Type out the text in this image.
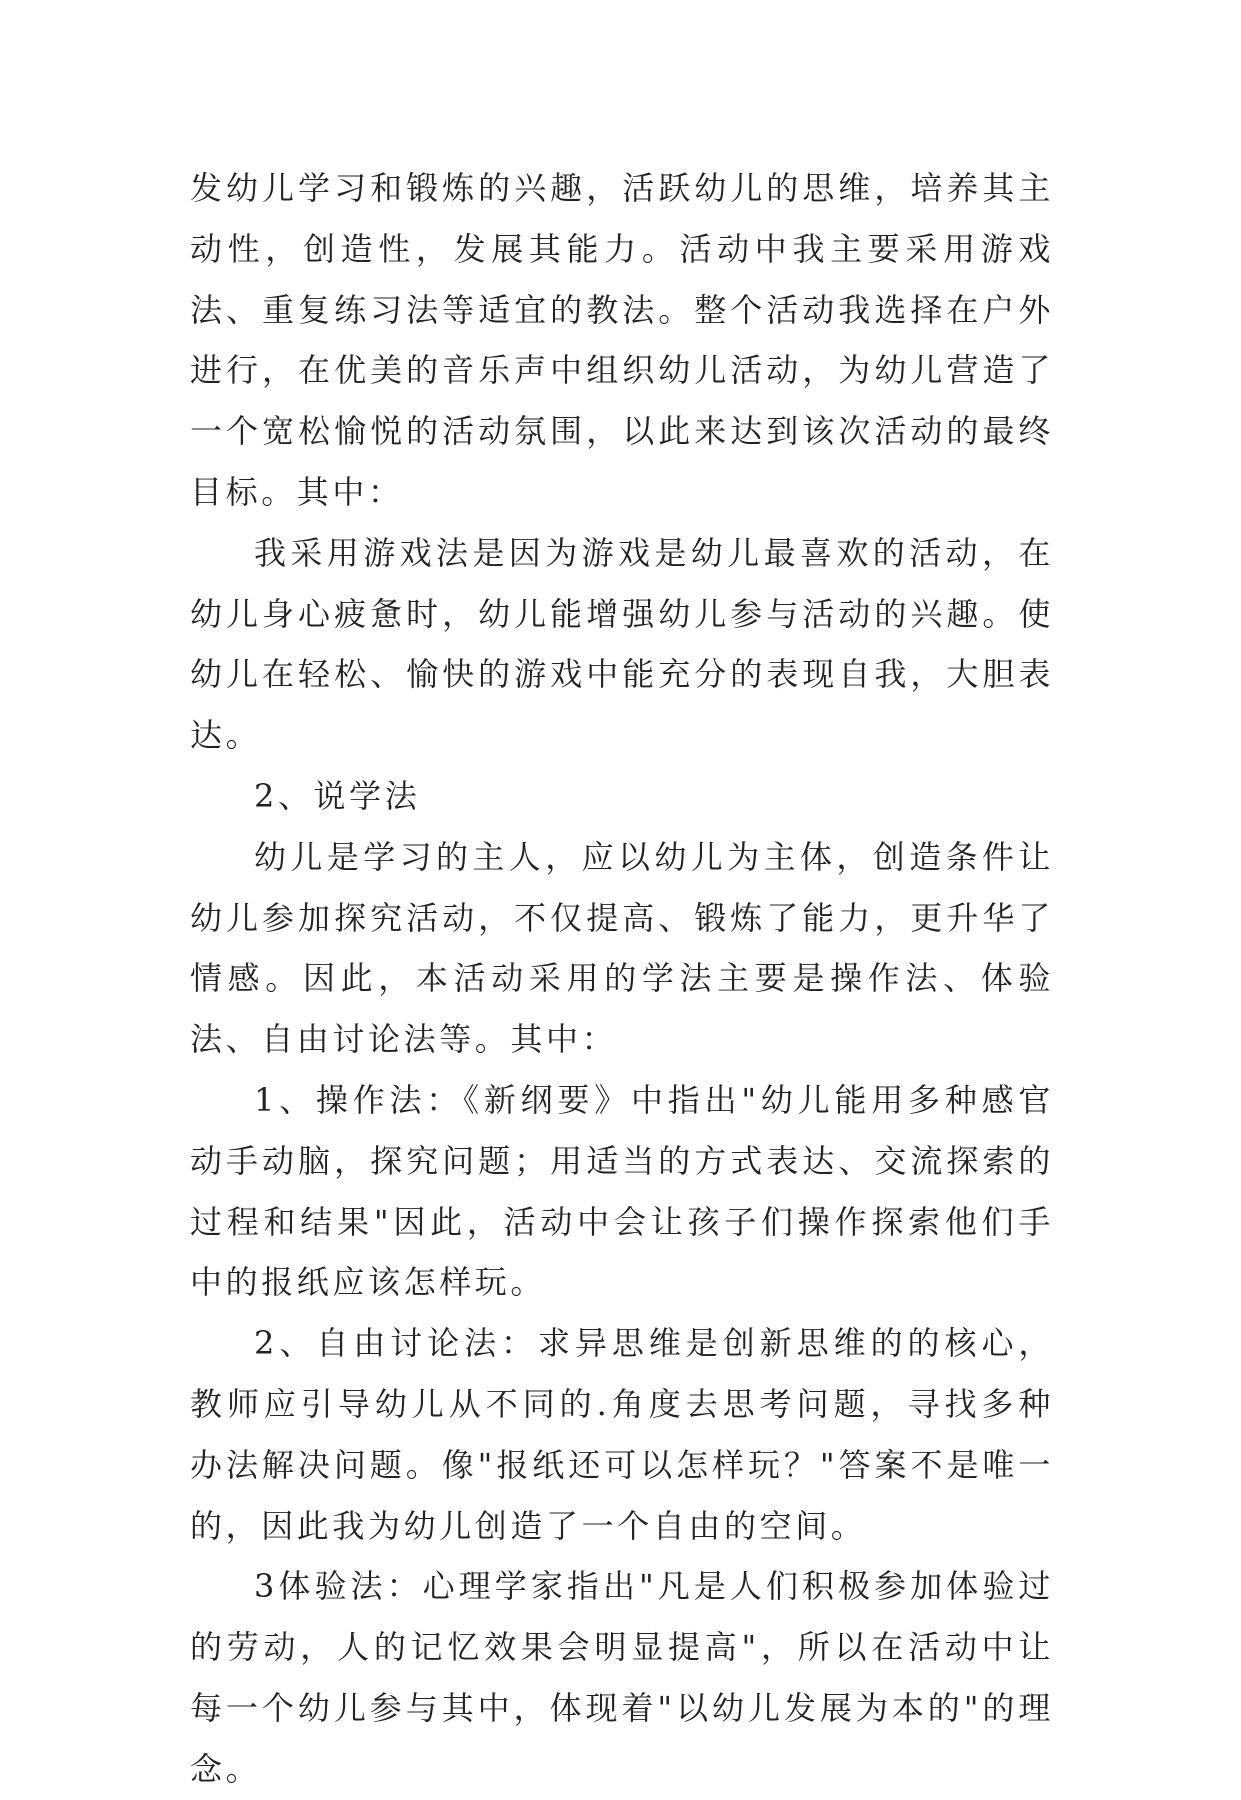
发幼儿学习和锻炼的兴趣，活跃幼儿的思维，培养其主动性，创造性，发展其能力。活动中我主要采用游戏法、重复练习法等适宜的教法。整个活动我选择在户外进行，在优美的音乐声中组织幼儿活动，为幼儿营造了一个宽松愉悦的活动氛围，以此来达到该次活动的最终目标。其中：

我采用游戏法是因为游戏是幼儿最喜欢的活动，在幼儿身心疲惫时，幼儿能增强幼儿参与活动的兴趣。使幼儿在轻松、愉快的游戏中能充分的表现自我，大胆表达。

2、说学法

幼儿是学习的主人，应以幼儿为主体，创造条件让幼儿参加探究活动，不仅提高、锻炼了能力，更升华了情感。因此，本活动采用的学法主要是操作法、体验法、自由讨论法等。其中：

1、操作法：《新纲要》中指出"幼儿能用多种感官动手动脑，探究问题；用适当的方式表达、交流探索的过程和结果"因此，活动中会让孩子们操作探索他们手中的报纸应该怎样玩。

2、自由讨论法：求异思维是创新思维的的核心，教师应引导幼儿从不同的.角度去思考问题，寻找多种办法解决问题。像"报纸还可以怎样玩？"答案不是唯一的，因此我为幼儿创造了一个自由的空间。

3体验法：心理学家指出"凡是人们积极参加体验过的劳动，人的记忆效果会明显提高"，所以在活动中让每一个幼儿参与其中，体现着"以幼儿发展为本的"的理念。
